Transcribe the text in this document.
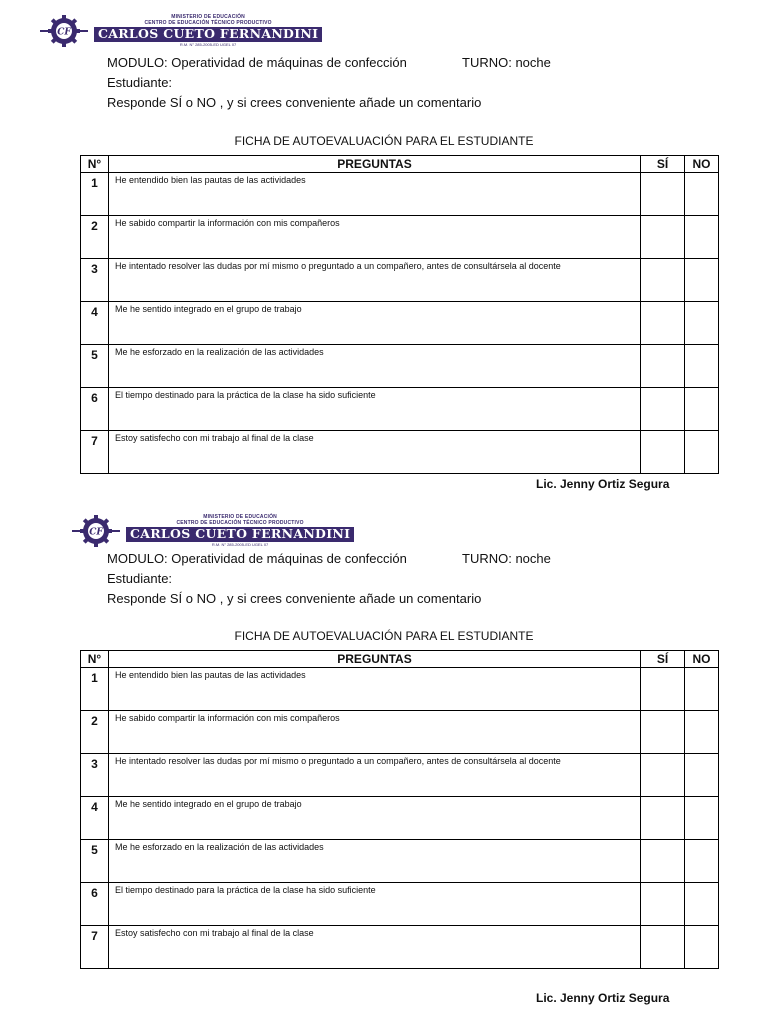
CF
MINISTERIO DE EDUCACIÓN
CENTRO DE EDUCACIÓN TÉCNICO PRODUCTIVO
CARLOS CUETO FERNANDINI
R.M. N° 285-2005-ED UGEL 07
MODULO: Operatividad de máquinas de confección	TURNO: noche
Estudiante:
Responde SÍ o NO , y si crees conveniente añade un comentario
FICHA DE AUTOEVALUACIÓN PARA EL ESTUDIANTE
N°	PREGUNTAS	SÍ	NO
1	He entendido bien las pautas de las actividades		
2	He sabido compartir la información con mis compañeros		
3	He intentado resolver las dudas por mí mismo o preguntado a un compañero, antes de consultársela al docente		
4	Me he sentido integrado en el grupo de trabajo		
5	Me he esforzado en la realización de las actividades		
6	El tiempo destinado para la práctica de la clase ha sido suficiente		
7	Estoy satisfecho con mi trabajo al final de la clase		
Lic. Jenny Ortiz Segura
CF
MINISTERIO DE EDUCACIÓN
CENTRO DE EDUCACIÓN TÉCNICO PRODUCTIVO
CARLOS CUETO FERNANDINI
R.M. N° 285-2005-ED UGEL 07
MODULO: Operatividad de máquinas de confección	TURNO: noche
Estudiante:
Responde SÍ o NO , y si crees conveniente añade un comentario
FICHA DE AUTOEVALUACIÓN PARA EL ESTUDIANTE
N°	PREGUNTAS	SÍ	NO
1	He entendido bien las pautas de las actividades		
2	He sabido compartir la información con mis compañeros		
3	He intentado resolver las dudas por mí mismo o preguntado a un compañero, antes de consultársela al docente		
4	Me he sentido integrado en el grupo de trabajo		
5	Me he esforzado en la realización de las actividades		
6	El tiempo destinado para la práctica de la clase ha sido suficiente		
7	Estoy satisfecho con mi trabajo al final de la clase		
Lic. Jenny Ortiz Segura
